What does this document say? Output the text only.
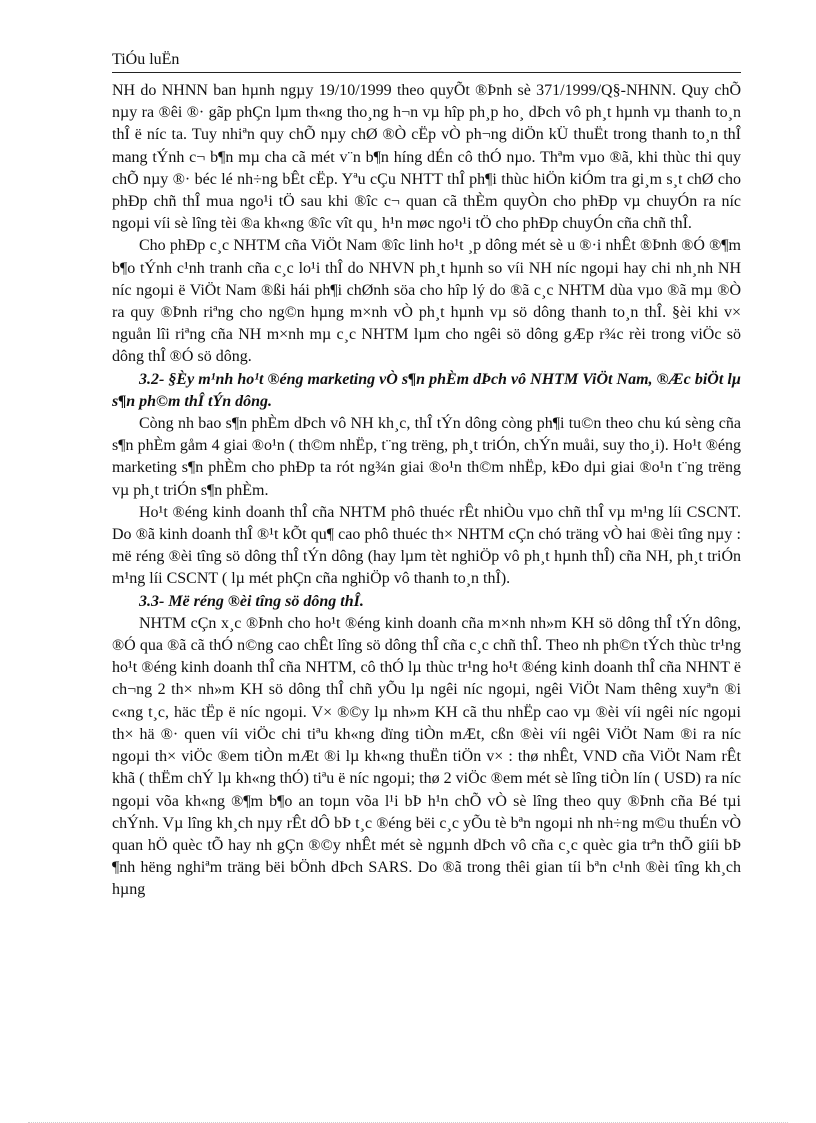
TiÓu luËn

NH do NHNN ban hµnh ngµy 19/10/1999 theo quyÕt ®Þnh sè 371/1999/Q§-NHNN. Quy chÕ nµy ra ®êi ®· gãp phÇn lµm th«ng tho¸ng h¬n vµ hîp ph¸p ho¸ dÞch vô ph¸t hµnh vµ thanh to¸n thÎ ë níc ta. Tuy nhiªn quy chÕ nµy chØ ®Ò cËp vÒ ph¬ng diÖn kÜ thuËt trong thanh to¸n thÎ mang tÝnh c¬ b¶n mµ cha cã mét v¨n b¶n híng dÉn cô thÓ nµo. Thªm vµo ®ã, khi thùc thi quy chÕ nµy ®· béc lé nh÷ng bÊt cËp. Yªu cÇu NHTT thÎ ph¶i thùc hiÖn kiÓm tra gi¸m s¸t chØ cho phÐp chñ thÎ mua ngo¹i tÖ sau khi ®îc c¬ quan cã thÈm quyÒn cho phÐp vµ chuyÓn ra níc ngoµi víi sè lîng tèi ®a kh«ng ®îc vît qu¸ h¹n møc ngo¹i tÖ cho phÐp chuyÓn cña chñ thÎ.

Cho phÐp c¸c NHTM cña ViÖt Nam ®îc linh ho¹t ¸p dông mét sè u ®·i nhÊt ®Þnh ®Ó ®¶m b¶o tÝnh c¹nh tranh cña c¸c lo¹i thÎ do NHVN ph¸t hµnh so víi NH níc ngoµi hay chi nh¸nh NH níc ngoµi ë ViÖt Nam ®ßi hái ph¶i chØnh söa cho hîp lý do ®ã c¸c NHTM dùa vµo ®ã mµ ®Ò ra quy ®Þnh riªng cho ng©n hµng m×nh vÒ ph¸t hµnh vµ sö dông thanh to¸n thÎ. §èi khi v× nguån lîi riªng cña NH m×nh mµ c¸c NHTM lµm cho ngêi sö dông gÆp r¾c rèi trong viÖc sö dông thÎ ®Ó sö dông.

3.2- §Èy m¹nh ho¹t ®éng marketing vÒ s¶n phÈm dÞch vô NHTM ViÖt Nam, ®Æc biÖt lµ s¶n ph©m thÎ tÝn dông.

Còng nh bao s¶n phÈm dÞch vô NH kh¸c, thÎ tÝn dông còng ph¶i tu©n theo chu kú sèng cña s¶n phÈm gåm 4 giai ®o¹n ( th©m nhËp, t¨ng trëng, ph¸t triÓn, chÝn muåi, suy tho¸i). Ho¹t ®éng marketing s¶n phÈm cho phÐp ta rót ng¾n giai ®o¹n th©m nhËp, kÐo dµi giai ®o¹n t¨ng trëng vµ ph¸t triÓn s¶n phÈm.

Ho¹t ®éng kinh doanh thÎ cña NHTM phô thuéc rÊt nhiÒu vµo chñ thÎ vµ m¹ng líi CSCNT. Do ®ã kinh doanh thÎ ®¹t kÕt qu¶ cao phô thuéc th× NHTM cÇn chó träng vÒ hai ®èi tîng nµy : më réng ®èi tîng sö dông thÎ tÝn dông (hay lµm tèt nghiÖp vô ph¸t hµnh thÎ) cña NH, ph¸t triÓn m¹ng líi CSCNT ( lµ mét phÇn cña nghiÖp vô thanh to¸n thÎ).

3.3- Më réng ®èi tîng sö dông thÎ.

NHTM cÇn x¸c ®Þnh cho ho¹t ®éng kinh doanh cña m×nh nh»m KH sö dông thÎ tÝn dông, ®Ó qua ®ã cã thÓ n©ng cao chÊt lîng sö dông thÎ cña c¸c chñ thÎ. Theo nh ph©n tÝch thùc tr¹ng ho¹t ®éng kinh doanh thÎ cña NHTM, cô thÓ lµ thùc tr¹ng ho¹t ®éng kinh doanh thÎ cña NHNT ë ch¬ng 2 th× nh»m KH sö dông thÎ chñ yÕu lµ ngêi níc ngoµi, ngêi ViÖt Nam thêng xuyªn ®i c«ng t¸c, häc tËp ë níc ngoµi. V× ®©y lµ nh»m KH cã thu nhËp cao vµ ®èi víi ngêi níc ngoµi th× hä ®· quen víi viÖc chi tiªu kh«ng dïng tiÒn mÆt, cßn ®èi víi ngêi ViÖt Nam ®i ra níc ngoµi th× viÖc ®em tiÒn mÆt ®i lµ kh«ng thuËn tiÖn v× : thø nhÊt, VND cña ViÖt Nam rÊt khã ( thËm chÝ lµ kh«ng thÓ) tiªu ë níc ngoµi; thø 2 viÖc ®em mét sè lîng tiÒn lín ( USD) ra níc ngoµi võa kh«ng ®¶m b¶o an toµn võa l¹i bÞ h¹n chÕ vÒ sè lîng theo quy ®Þnh cña Bé tµi chÝnh. Vµ lîng kh¸ch nµy rÊt dÔ bÞ t¸c ®éng bëi c¸c yÕu tè bªn ngoµi nh nh÷ng m©u thuÉn vÒ quan hÖ quèc tÕ hay nh gÇn ®©y nhÊt mét sè ngµnh dÞch vô cña c¸c quèc gia trªn thÕ giíi bÞ ¶nh hëng nghiªm träng bëi bÖnh dÞch SARS. Do ®ã trong thêi gian tíi bªn c¹nh ®èi tîng kh¸ch hµng
